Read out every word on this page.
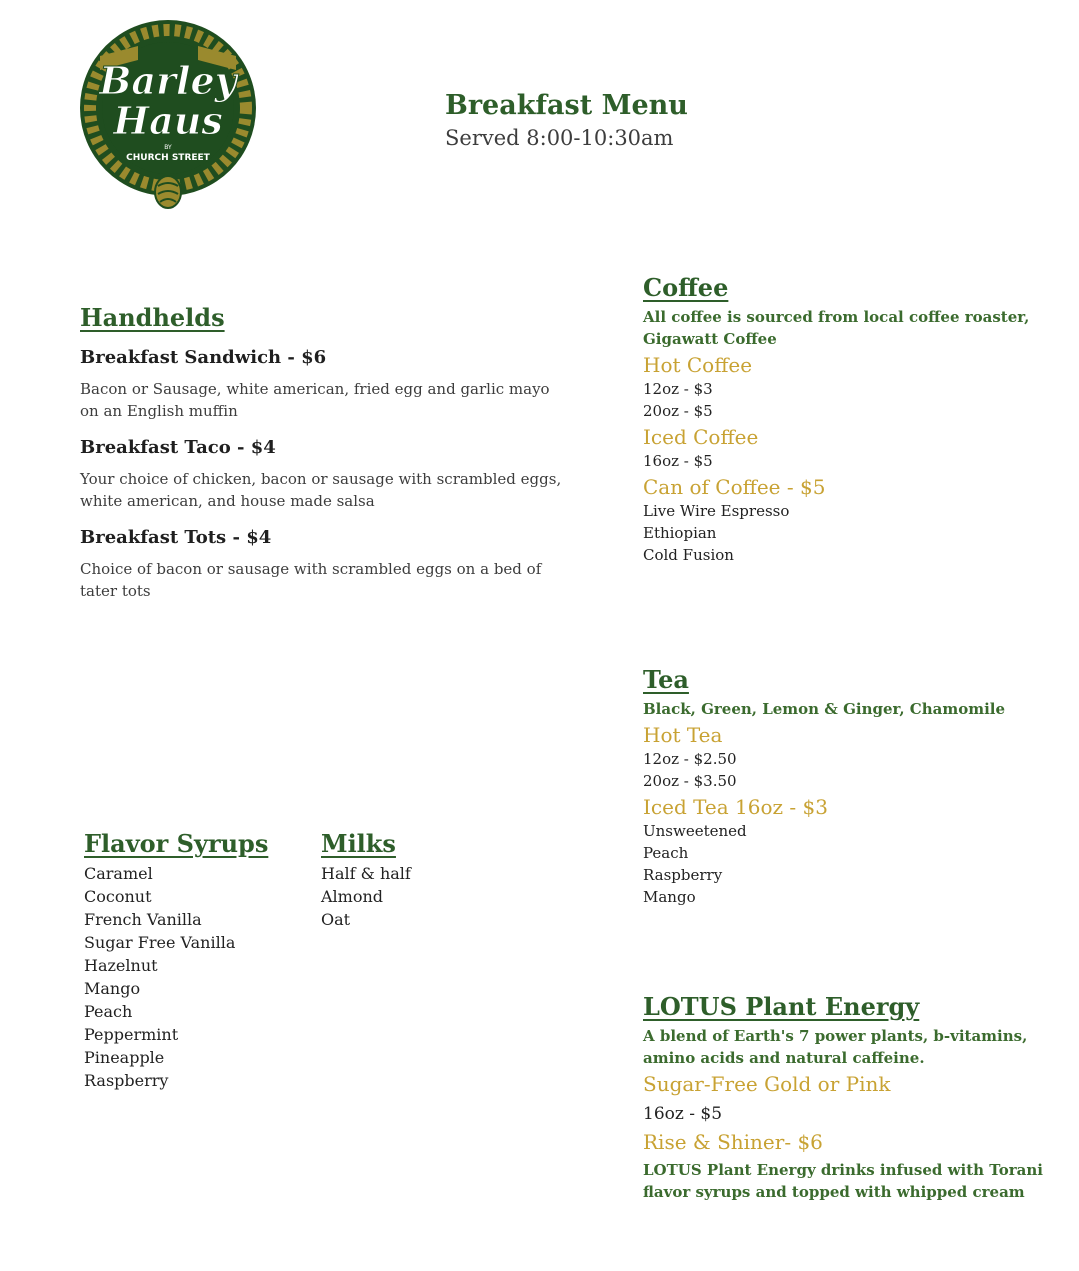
Barley
Haus
BY
CHURCH STREET
Breakfast Menu

Served 8:00-10:30am

Handhelds

Breakfast Sandwich - $6

Bacon or Sausage, white american, fried egg and garlic mayo on an English muffin

Breakfast Taco - $4

Your choice of chicken, bacon or sausage with scrambled eggs, white american, and house made salsa

Breakfast Tots - $4

Choice of bacon or sausage with scrambled eggs on a bed of tater tots

Coffee

All coffee is sourced from local coffee roaster, Gigawatt Coffee

Hot Coffee

12oz - $3

20oz - $5

Iced Coffee

16oz - $5

Can of Coffee - $5

Live Wire Espresso

Ethiopian

Cold Fusion

Tea

Black, Green, Lemon & Ginger, Chamomile

Hot Tea

12oz - $2.50

20oz - $3.50

Iced Tea 16oz - $3

Unsweetened

Peach

Raspberry

Mango

Flavor Syrups

Caramel

Coconut

French Vanilla

Sugar Free Vanilla

Hazelnut

Mango

Peach

Peppermint

Pineapple

Raspberry

Milks

Half & half

Almond

Oat

LOTUS Plant Energy

A blend of Earth's 7 power plants, b-vitamins, amino acids and natural caffeine.

Sugar-Free Gold or Pink

16oz - $5

Rise & Shiner- $6

LOTUS Plant Energy drinks infused with Torani flavor syrups and topped with whipped cream
